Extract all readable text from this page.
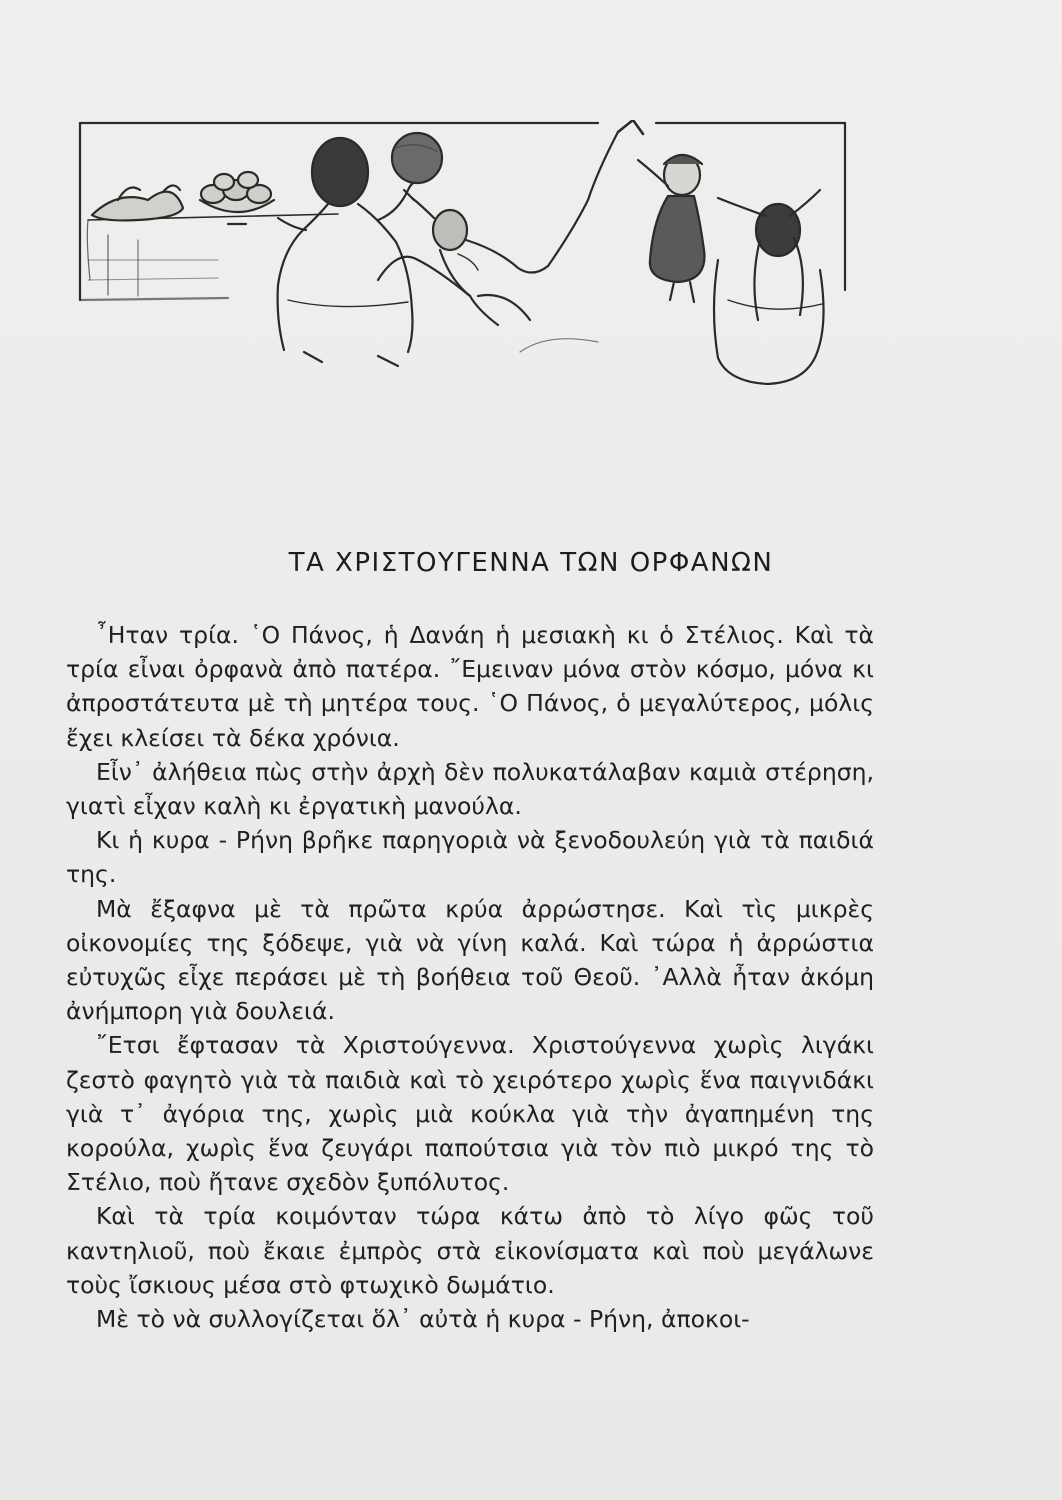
ΤΑ ΧΡΙΣΤΟΥΓΕΝΝΑ ΤΩΝ ΟΡΦΑΝΩΝ

῏Ηταν τρία. ῾Ο Πάνος, ἡ Δανάη ἡ μεσιακὴ κι ὁ Στέλιος. Καὶ τὰ τρία εἶναι ὀρφανὰ ἀπὸ πατέρα. ῎Εμειναν μόνα στὸν κόσμο, μόνα κι ἀπροστάτευτα μὲ τὴ μητέρα τους. ῾Ο Πάνος, ὁ μεγαλύτερος, μόλις ἔχει κλείσει τὰ δέκα χρόνια.

Εἶν᾽ ἀλήθεια πὼς στὴν ἀρχὴ δὲν πολυκατάλαβαν καμιὰ στέρηση, γιατὶ εἶχαν καλὴ κι ἐργατικὴ μανούλα.

Κι ἡ κυρα - Ρήνη βρῆκε παρηγοριὰ νὰ ξενοδουλεύη γιὰ τὰ παιδιά της.

Μὰ ἔξαφνα μὲ τὰ πρῶτα κρύα ἀρρώστησε. Καὶ τὶς μικρὲς οἰκονομίες της ξόδεψε, γιὰ νὰ γίνη καλά. Καὶ τώρα ἡ ἀρρώστια εὐτυχῶς εἶχε περάσει μὲ τὴ βοήθεια τοῦ Θεοῦ. ᾿Αλλὰ ἦταν ἀκόμη ἀνήμπορη γιὰ δουλειά.

῎Ετσι ἔφτασαν τὰ Χριστούγεννα. Χριστούγεννα χωρὶς λιγάκι ζεστὸ φαγητὸ γιὰ τὰ παιδιὰ καὶ τὸ χειρότερο χωρὶς ἕνα παιγνιδάκι γιὰ τ᾽ ἀγόρια της, χωρὶς μιὰ κούκλα γιὰ τὴν ἀγαπημένη της κορούλα, χωρὶς ἕνα ζευγάρι παπούτσια γιὰ τὸν πιὸ μικρό της τὸ Στέλιο, ποὺ ἤτανε σχεδὸν ξυπόλυτος.

Καὶ τὰ τρία κοιμόνταν τώρα κάτω ἀπὸ τὸ λίγο φῶς τοῦ καντηλιοῦ, ποὺ ἔκαιε ἐμπρὸς στὰ εἰκονίσματα καὶ ποὺ μεγάλωνε τοὺς ἴσκιους μέσα στὸ φτωχικὸ δωμάτιο.

Μὲ τὸ νὰ συλλογίζεται ὅλ᾽ αὐτὰ ἡ κυρα - Ρήνη, ἀποκοι-
